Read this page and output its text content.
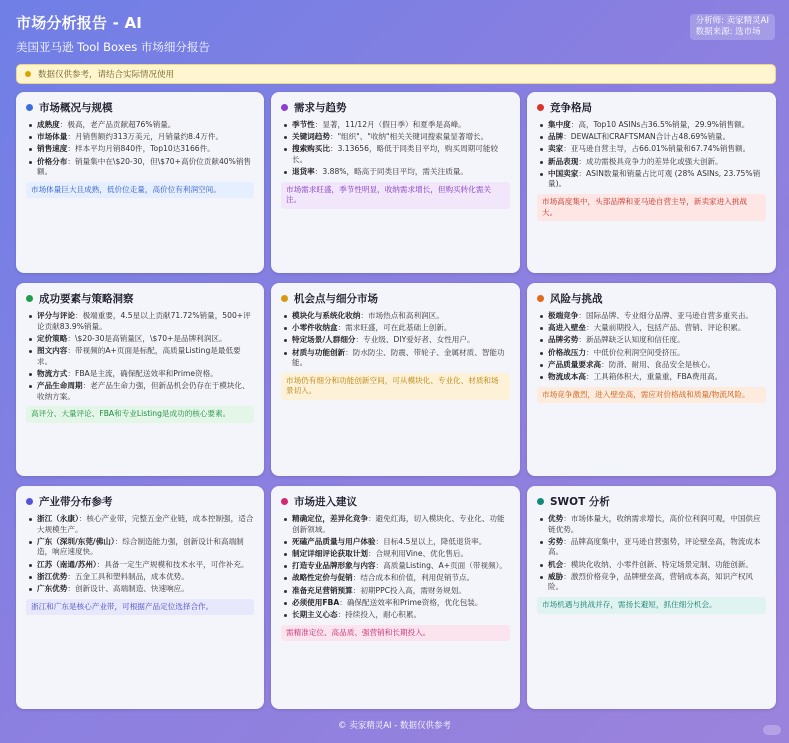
市场分析报告 - AI
美国亚马逊 Tool Boxes 市场细分报告
分析师: 卖家精灵AI
数据来源: 选市场
数据仅供参考，请结合实际情况使用
市场概况与规模
成熟度：极高，老产品贡献超76%销量。
市场体量：月销售额约313万美元，月销量约8.4万件。
销售速度：样本平均月销840件，Top10达3166件。
价格分布：销量集中在\$20-30，但\$70+高价位贡献40%销售额。
市场体量巨大且成熟，低价位走量，高价位有利润空间。
需求与趋势
季节性：显著，11/12月（假日季）和夏季是高峰。
关键词趋势："组织"、"收纳"相关关键词搜索量显著增长。
搜索购买比：3.13656，略低于同类目平均，购买周期可能较长。
退货率：3.88%，略高于同类目平均，需关注质量。
市场需求旺盛，季节性明显，收纳需求增长，但购买转化需关注。
竞争格局
集中度：高，Top10 ASINs占36.5%销量，29.9%销售额。
品牌：DEWALT和CRAFTSMAN合计占48.69%销量。
卖家：亚马逊自营主导，占66.01%销量和67.74%销售额。
新品表现：成功需极具竞争力的差异化或强大创新。
中国卖家：ASIN数量和销量占比可观 (28% ASINs, 23.75%销量)。
市场高度集中，头部品牌和亚马逊自营主导，新卖家进入挑战大。
成功要素与策略洞察
评分与评论：极端重要，4.5星以上贡献71.72%销量，500+评论贡献83.9%销量。
定价策略：\$20-30是高销量区，\$70+是品牌利润区。
图文内容：带视频的A+页面是标配，高质量Listing是最低要求。
物流方式：FBA是主流，确保配送效率和Prime资格。
产品生命周期：老产品生命力强，但新品机会仍存在于模块化、收纳方案。
高评分、大量评论、FBA和专业Listing是成功的核心要素。
机会点与细分市场
模块化与系统化收纳：市场热点和高利润区。
小零件收纳盒：需求旺盛，可在此基础上创新。
特定场景/人群细分：专业级、DIY爱好者、女性用户。
材质与功能创新：防水防尘、防震、带轮子、金属材质、智能功能。
市场仍有细分和功能创新空间，可从模块化、专业化、材质和场景切入。
风险与挑战
极端竞争：国际品牌、专业细分品牌、亚马逊自营多重夹击。
高进入壁垒：大量前期投入，包括产品、营销、评论积累。
品牌劣势：新品牌缺乏认知度和信任度。
价格战压力：中低价位利润空间受挤压。
产品质量要求高：防滑、耐用、食品安全是核心。
物流成本高：工具箱体积大，重量重，FBA费用高。
市场竞争激烈，进入壁垒高，需应对价格战和质量/物流风险。
产业带分布参考
浙江（永康）：核心产业带，完整五金产业链，成本控制强，适合大规模生产。
广东（深圳/东莞/佛山）：综合制造能力强，创新设计和高端制造，响应速度快。
江苏（南通/苏州）：具备一定生产规模和技术水平，可作补充。
浙江优势：五金工具和塑料制品，成本优势。
广东优势：创新设计、高端制造、快速响应。
浙江和广东是核心产业带，可根据产品定位选择合作。
市场进入建议
精确定位，差异化竞争：避免红海，切入模块化、专业化、功能创新领域。
死磕产品质量与用户体验：目标4.5星以上，降低退货率。
制定详细评论获取计划：合规利用Vine、优化售后。
打造专业品牌形象与内容：高质量Listing、A+页面（带视频）。
战略性定价与促销：结合成本和价值，利用促销节点。
准备充足营销预算：初期PPC投入高，需财务规划。
必须使用FBA：确保配送效率和Prime资格，优化包装。
长期主义心态：持续投入，耐心积累。
需精准定位、高品质、强营销和长期投入。
SWOT 分析
优势：市场体量大，收纳需求增长，高价位利润可观，中国供应链优势。
劣势：品牌高度集中，亚马逊自营强势，评论壁垒高，物流成本高。
机会：模块化收纳、小零件创新、特定场景定制、功能创新。
威胁：激烈价格竞争，品牌壁垒高，营销成本高，知识产权风险。
市场机遇与挑战并存，需扬长避短，抓住细分机会。
© 卖家精灵AI - 数据仅供参考
